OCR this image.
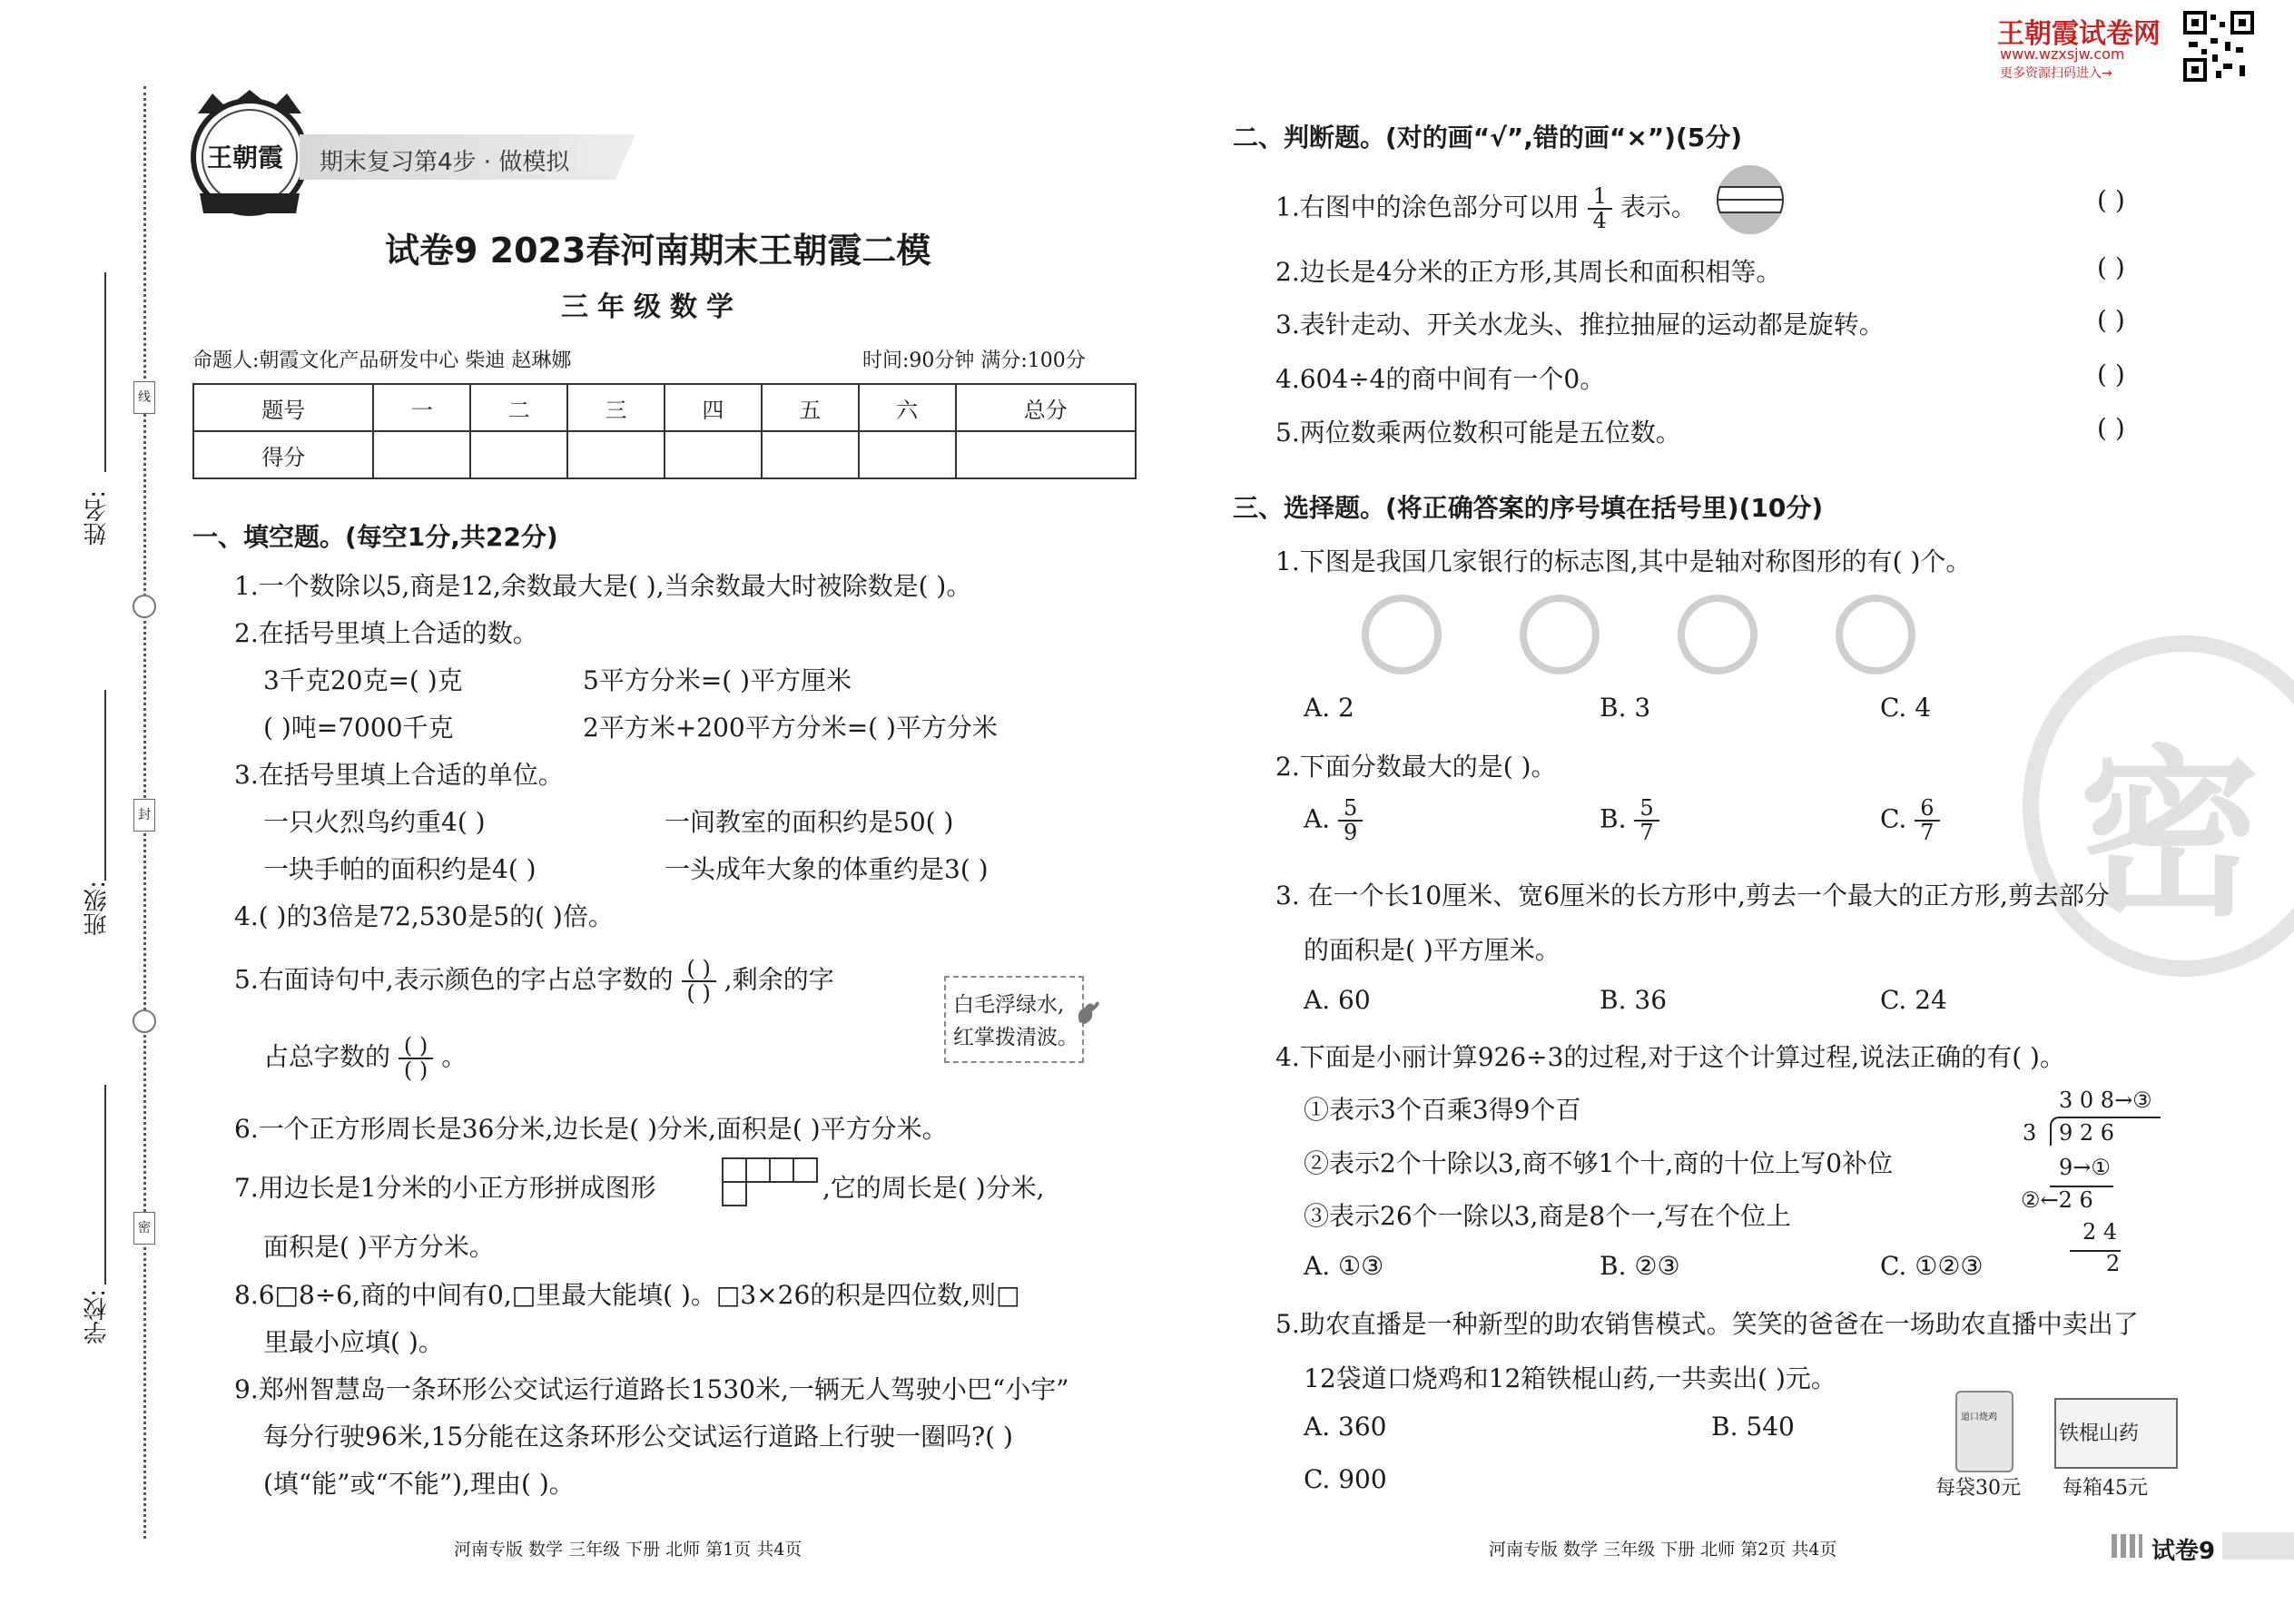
王朝霞试卷网
www.wzxsjw.com
更多资源扫码进入→
线
封
密
姓名:
班级:
学校:
王朝霞 期末复习第4步 · 做模拟
试卷9 2023春河南期末王朝霞二模
三年级数学
命题人:朝霞文化产品研发中心 柴迪 赵琳娜	时间:90分钟 满分:100分
题号	一	二	三	四	五	六	总分
得分							
一、填空题。(每空1分,共22分)
1.一个数除以5,商是12,余数最大是( ),当余数最大时被除数是( )。
2.在括号里填上合适的数。
3千克20克=( )克	5平方分米=( )平方厘米
( )吨=7000千克	2平方米+200平方分米=( )平方分米
3.在括号里填上合适的单位。
一只火烈鸟约重4( )	一间教室的面积约是50( )
一块手帕的面积约是4( )	一头成年大象的体重约是3( )
4.( )的3倍是72,530是5的( )倍。
5.右面诗句中,表示颜色的字占总字数的 $\frac{( )}{( )}$ ,剩余的字
占总字数的 $\frac{( )}{( )}$ 。
白毛浮绿水,
红掌拨清波。
6.一个正方形周长是36分米,边长是( )分米,面积是( )平方分米。
7.用边长是1分米的小正方形拼成图形	,它的周长是( )分米,
面积是( )平方分米。
8.6□8÷6,商的中间有0,□里最大能填( )。□3×26的积是四位数,则□
里最小应填( )。
9.郑州智慧岛一条环形公交试运行道路长1530米,一辆无人驾驶小巴“小宇”
每分行驶96米,15分能在这条环形公交试运行道路上行驶一圈吗?( )
(填“能”或“不能”),理由( )。
河南专版 数学 三年级 下册 北师 第1页 共4页
二、判断题。(对的画“√”,错的画“×”)(5分)
1.右图中的涂色部分可以用 $\frac{1}{4}$ 表示。	( )
2.边长是4分米的正方形,其周长和面积相等。	( )
3.表针走动、开关水龙头、推拉抽屉的运动都是旋转。	( )
4.604÷4的商中间有一个0。	( )
5.两位数乘两位数积可能是五位数。	( )
密
三、选择题。(将正确答案的序号填在括号里)(10分)
1.下图是我国几家银行的标志图,其中是轴对称图形的有( )个。
A. 2	B. 3	C. 4
2.下面分数最大的是( )。
A. $\frac{5}{9}$	B. $\frac{5}{7}$	C. $\frac{6}{7}$
3. 在一个长10厘米、宽6厘米的长方形中,剪去一个最大的正方形,剪去部分
的面积是( )平方厘米。
A. 60	B. 36	C. 24
4.下面是小丽计算926÷3的过程,对于这个计算过程,说法正确的有( )。
①表示3个百乘3得9个百
②表示2个十除以3,商不够1个十,商的十位上写0补位
③表示26个一除以3,商是8个一,写在个位上
A. ①③	B. ②③	C. ①②③
3 0 8→③
3 9 2 6
9→①
②←2 6
2 4
2
5.助农直播是一种新型的助农销售模式。笑笑的爸爸在一场助农直播中卖出了
12袋道口烧鸡和12箱铁棍山药,一共卖出( )元。
A. 360	B. 540
C. 900
道口烧鸡
铁棍山药
每袋30元 每箱45元
河南专版 数学 三年级 下册 北师 第2页 共4页	试卷9
